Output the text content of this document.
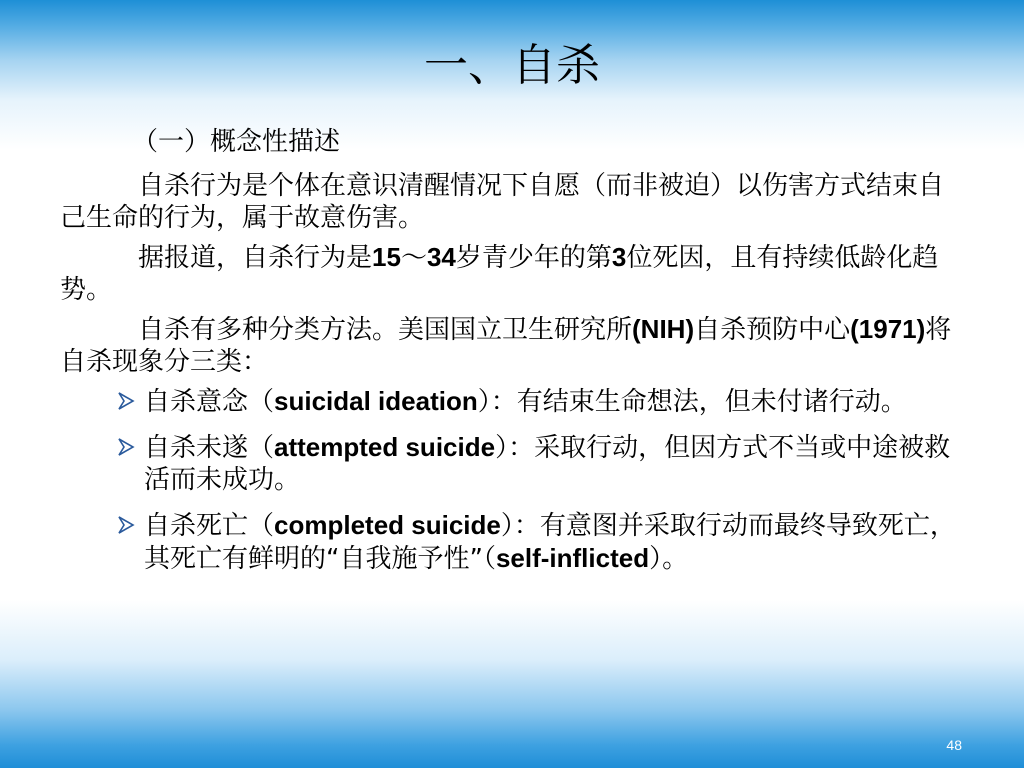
一、自杀

（一）概念性描述

自杀行为是个体在意识清醒情况下自愿（而非被迫）以伤害方式结束自己生命的行为，属于故意伤害。

据报道，自杀行为是15～34岁青少年的第3位死因，且有持续低龄化趋势。

自杀有多种分类方法。美国国立卫生研究所(NIH)自杀预防中心(1971)将自杀现象分三类：

自杀意念（suicidal ideation）：有结束生命想法，但未付诸行动。
自杀未遂（attempted suicide）：采取行动，但因方式不当或中途被救活而未成功。
自杀死亡（completed suicide）：有意图并采取行动而最终导致死亡，其死亡有鲜明的“自我施予性”（self-inflicted）。
48
